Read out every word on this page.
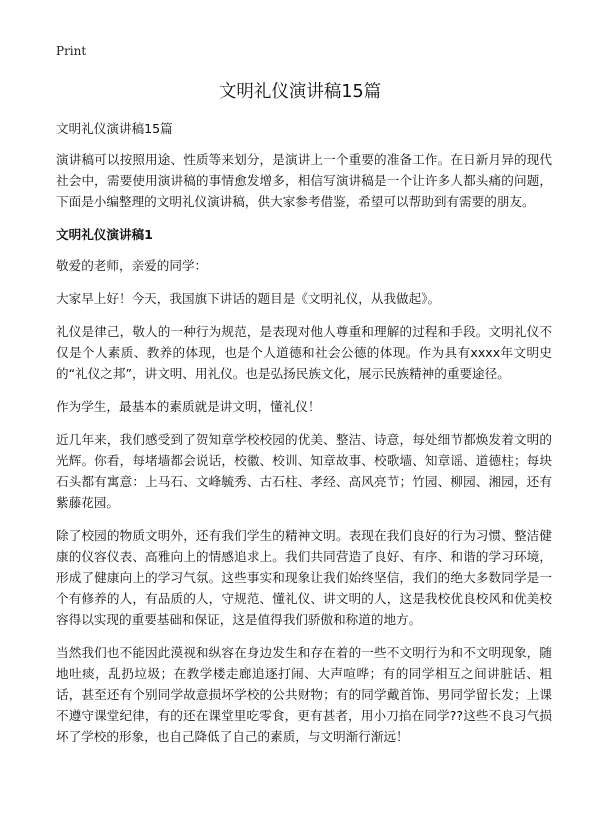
Print
文明礼仪演讲稿15篇

文明礼仪演讲稿15篇

演讲稿可以按照用途、性质等来划分，是演讲上一个重要的准备工作。在日新月异的现代社会中，需要使用演讲稿的事情愈发增多，相信写演讲稿是一个让许多人都头痛的问题，下面是小编整理的文明礼仪演讲稿，供大家参考借鉴，希望可以帮助到有需要的朋友。

文明礼仪演讲稿1

敬爱的老师，亲爱的同学：

大家早上好！今天，我国旗下讲话的题目是《文明礼仪，从我做起》。

礼仪是律己，敬人的一种行为规范，是表现对他人尊重和理解的过程和手段。文明礼仪不仅是个人素质、教养的体现，也是个人道德和社会公德的体现。作为具有xxxx年文明史的“礼仪之邦”，讲文明、用礼仪。也是弘扬民族文化，展示民族精神的重要途径。

作为学生，最基本的素质就是讲文明，懂礼仪！

近几年来，我们感受到了贺知章学校校园的优美、整洁、诗意，每处细节都焕发着文明的光辉。你看，每堵墙都会说话，校徽、校训、知章故事、校歌墙、知章谣、道德柱；每块石头都有寓意：上马石、文峰毓秀、古石柱、孝经、高风亮节；竹园、柳园、湘园，还有紫藤花园。

除了校园的物质文明外，还有我们学生的精神文明。表现在我们良好的行为习惯、整洁健康的仪容仪表、高雅向上的情感追求上。我们共同营造了良好、有序、和谐的学习环境，形成了健康向上的学习气氛。这些事实和现象让我们始终坚信，我们的绝大多数同学是一个有修养的人，有品质的人，守规范、懂礼仪、讲文明的人，这是我校优良校风和优美校容得以实现的重要基础和保证，这是值得我们骄傲和称道的地方。

当然我们也不能因此漠视和纵容在身边发生和存在着的一些不文明行为和不文明现象，随地吐痰，乱扔垃圾；在教学楼走廊追逐打闹、大声喧哗；有的同学相互之间讲脏话、粗话，甚至还有个别同学故意损坏学校的公共财物；有的同学戴首饰、男同学留长发；上课不遵守课堂纪律，有的还在课堂里吃零食，更有甚者，用小刀掐在同学??这些不良习气损坏了学校的形象，也自己降低了自己的素质，与文明渐行渐远！
